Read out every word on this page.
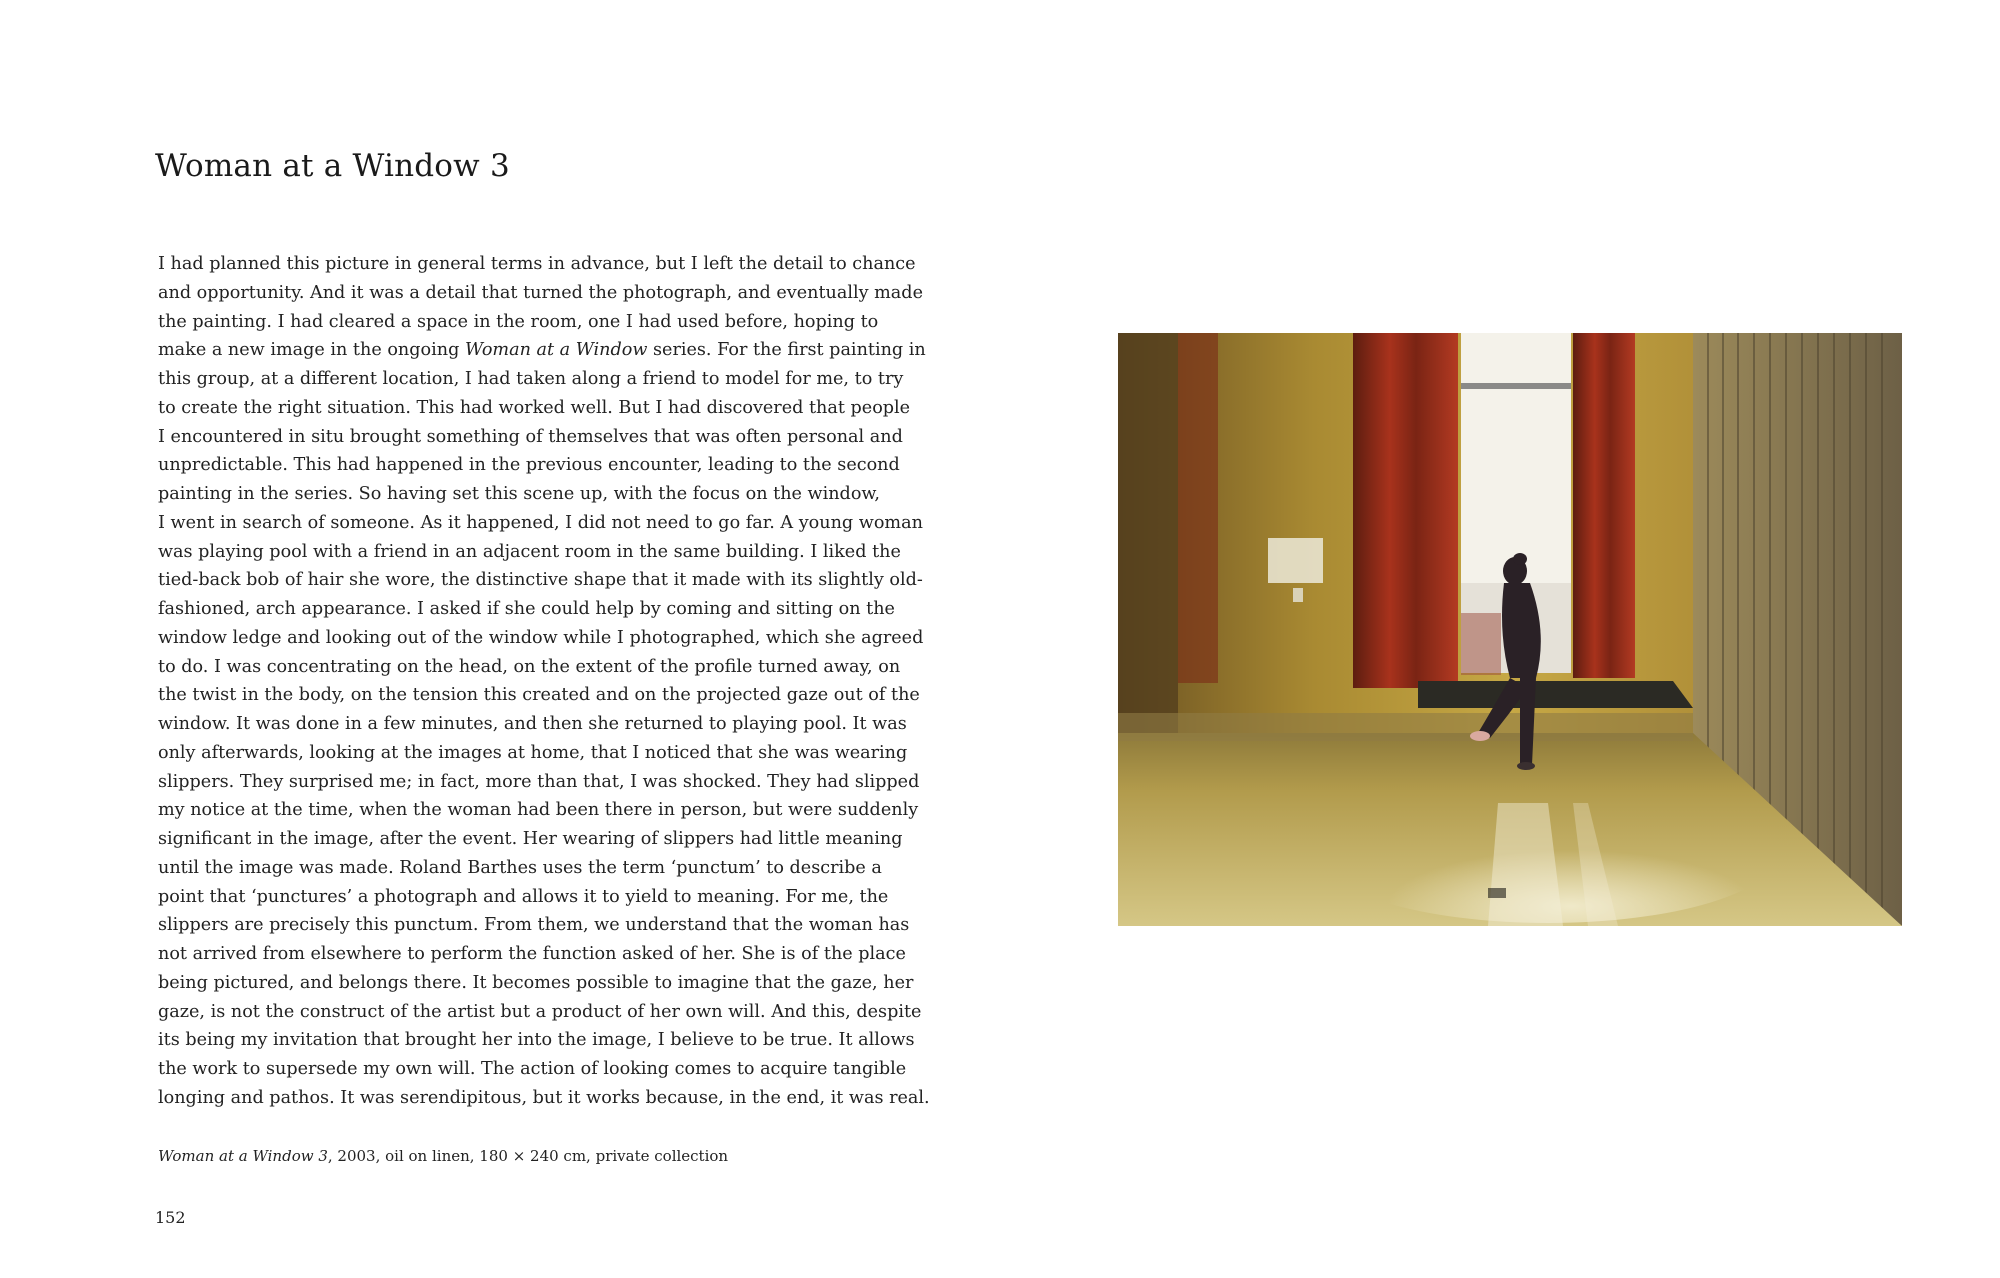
Woman at a Window 3
I had planned this picture in general terms in advance, but I left the detail to chance
and opportunity. And it was a detail that turned the photograph, and eventually made
the painting. I had cleared a space in the room, one I had used before, hoping to
make a new image in the ongoing Woman at a Window series. For the first painting in
this group, at a different location, I had taken along a friend to model for me, to try
to create the right situation. This had worked well. But I had discovered that people
I encountered in situ brought something of themselves that was often personal and
unpredictable. This had happened in the previous encounter, leading to the second
painting in the series. So having set this scene up, with the focus on the window,
I went in search of someone. As it happened, I did not need to go far. A young woman
was playing pool with a friend in an adjacent room in the same building. I liked the
tied-back bob of hair she wore, the distinctive shape that it made with its slightly old-
fashioned, arch appearance. I asked if she could help by coming and sitting on the
window ledge and looking out of the window while I photographed, which she agreed
to do. I was concentrating on the head, on the extent of the profile turned away, on
the twist in the body, on the tension this created and on the projected gaze out of the
window. It was done in a few minutes, and then she returned to playing pool. It was
only afterwards, looking at the images at home, that I noticed that she was wearing
slippers. They surprised me; in fact, more than that, I was shocked. They had slipped
my notice at the time, when the woman had been there in person, but were suddenly
significant in the image, after the event. Her wearing of slippers had little meaning
until the image was made. Roland Barthes uses the term ‘punctum’ to describe a
point that ‘punctures’ a photograph and allows it to yield to meaning. For me, the
slippers are precisely this punctum. From them, we understand that the woman has
not arrived from elsewhere to perform the function asked of her. She is of the place
being pictured, and belongs there. It becomes possible to imagine that the gaze, her
gaze, is not the construct of the artist but a product of her own will. And this, despite
its being my invitation that brought her into the image, I believe to be true. It allows
the work to supersede my own will. The action of looking comes to acquire tangible
longing and pathos. It was serendipitous, but it works because, in the end, it was real.

Woman at a Window 3, 2003, oil on linen, 180 × 240 cm, private collection

152
